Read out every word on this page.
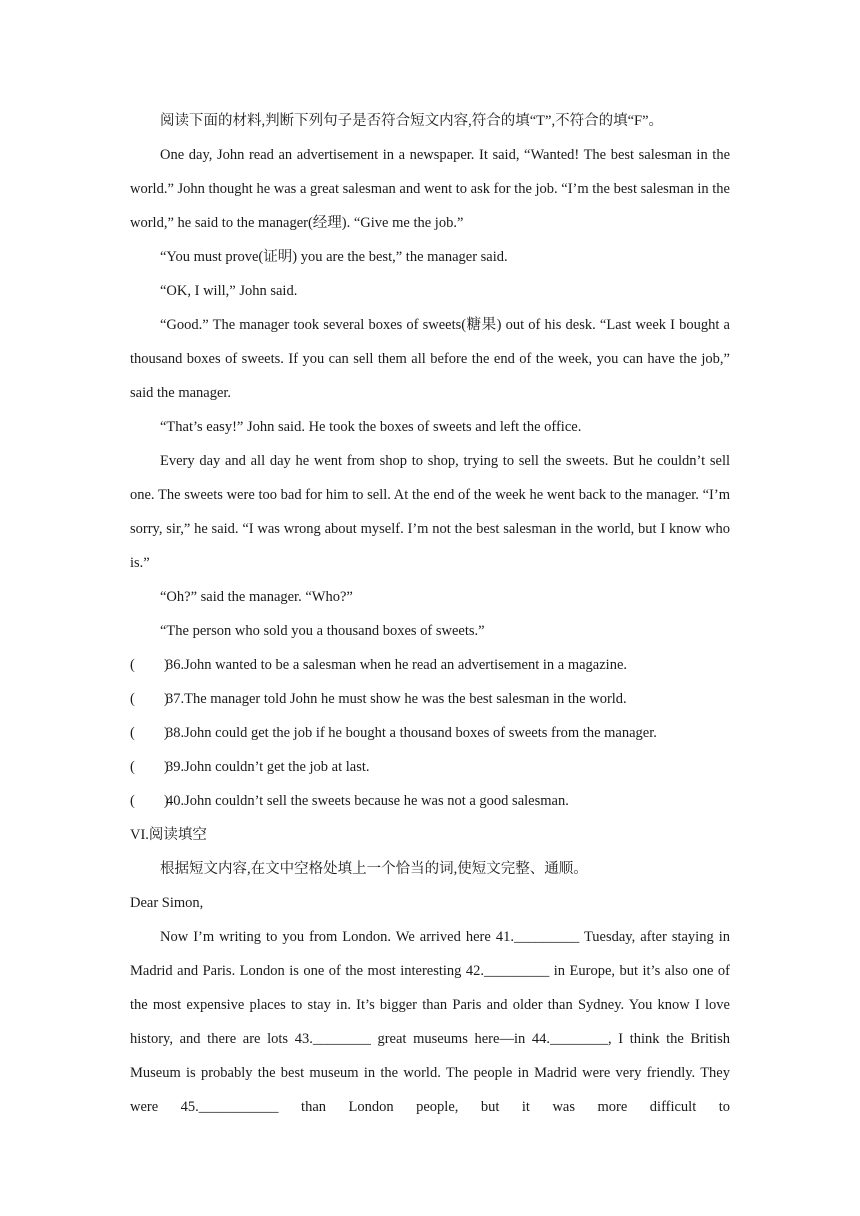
阅读下面的材料,判断下列句子是否符合短文内容,符合的填“T”,不符合的填“F”。

One day, John read an advertisement in a newspaper. It said, “Wanted! The best salesman in the world.” John thought he was a great salesman and went to ask for the job. “I’m the best salesman in the world,” he said to the manager(经理). “Give me the job.”

“You must prove(证明) you are the best,” the manager said.

“OK, I will,” John said.

“Good.” The manager took several boxes of sweets(糖果) out of his desk. “Last week I bought a thousand boxes of sweets. If you can sell them all before the end of the week, you can have the job,” said the manager.

“That’s easy!” John said. He took the boxes of sweets and left the office.

Every day and all day he went from shop to shop, trying to sell the sweets. But he couldn’t sell one. The sweets were too bad for him to sell. At the end of the week he went back to the manager. “I’m sorry, sir,” he said. “I was wrong about myself. I’m not the best salesman in the world, but I know who is.”

“Oh?” said the manager. “Who?”

“The person who sold you a thousand boxes of sweets.”

(        )
36.John wanted to be a salesman when he read an advertisement in a magazine.
(        )
37.The manager told John he must show he was the best salesman in the world.
(        )
38.John could get the job if he bought a thousand boxes of sweets from the manager.
(        )
39.John couldn’t get the job at last.
(        )
40.John couldn’t sell the sweets because he was not a good salesman.

VI.阅读填空

根据短文内容,在文中空格处填上一个恰当的词,使短文完整、通顺。

Dear Simon,

Now I’m writing to you from London. We arrived here 41._________ Tuesday, after staying in Madrid and Paris. London is one of the most interesting 42._________ in Europe, but it’s also one of the most expensive places to stay in. It’s bigger than Paris and older than Sydney. You know I love history, and there are lots 43.________ great museums here—in 44.________, I think the British Museum is probably the best museum in the world. The people in Madrid were very friendly. They were 45.___________ than London people, but it was more difficult to
